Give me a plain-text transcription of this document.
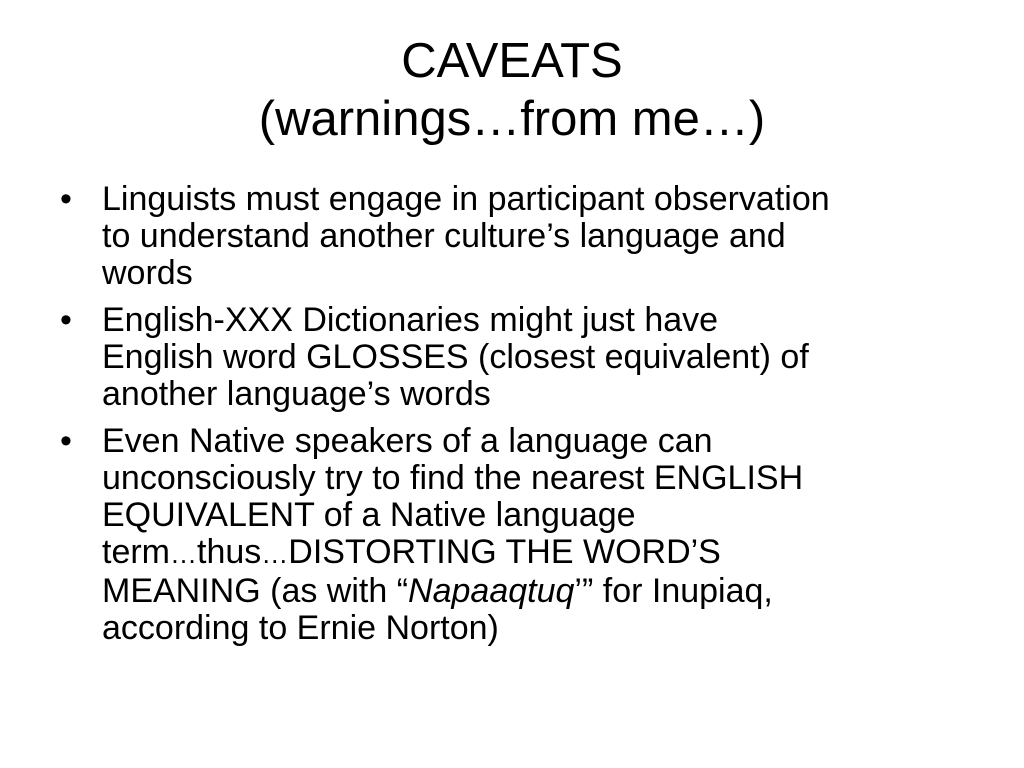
CAVEATS
(warnings…from me…)
• Linguists must engage in participant observation
to understand another culture’s language and
words
• English-XXX Dictionaries might just have
English word GLOSSES (closest equivalent) of
another language’s words
• Even Native speakers of a language can
unconsciously try to find the nearest ENGLISH
EQUIVALENT of a Native language
term…thus…DISTORTING THE WORD’S
MEANING (as with “Napaaqtuq’” for Inupiaq,
according to Ernie Norton)
